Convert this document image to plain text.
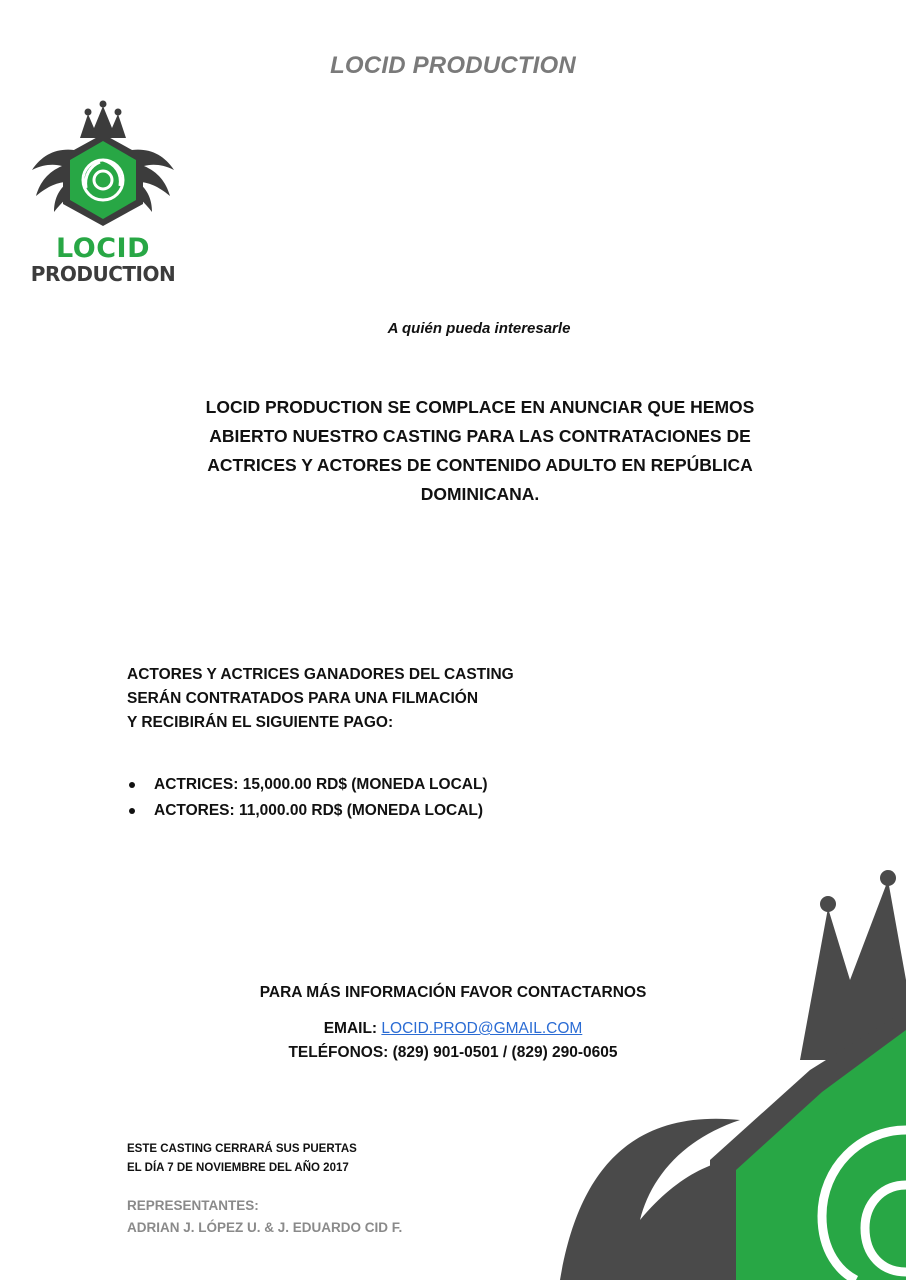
LOCID PRODUCTION
LOCID
PRODUCTION
A quién pueda interesarle
LOCID PRODUCTION SE COMPLACE EN ANUNCIAR QUE HEMOS
ABIERTO NUESTRO CASTING PARA LAS CONTRATACIONES DE
ACTRICES Y ACTORES DE CONTENIDO ADULTO EN REPÚBLICA
DOMINICANA.
ACTORES Y ACTRICES GANADORES DEL CASTING
SERÁN CONTRATADOS PARA UNA FILMACIÓN
Y RECIBIRÁN EL SIGUIENTE PAGO:
ACTRICES: 15,000.00 RD$ (MONEDA LOCAL)
ACTORES: 11,000.00 RD$ (MONEDA LOCAL)
PARA MÁS INFORMACIÓN FAVOR CONTACTARNOS
EMAIL: LOCID.PROD@GMAIL.COM
TELÉFONOS: (829) 901-0501 / (829) 290-0605
ESTE CASTING CERRARÁ SUS PUERTAS
EL DÍA 7 DE NOVIEMBRE DEL AÑO 2017
REPRESENTANTES:
ADRIAN J. LÓPEZ U. & J. EDUARDO CID F.
